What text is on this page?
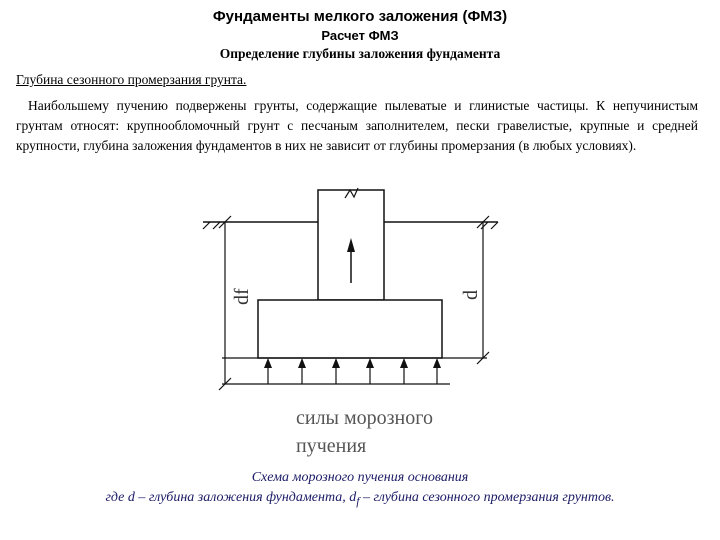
Фундаменты мелкого заложения (ФМЗ)
Расчет ФМЗ
Определение глубины заложения фундамента
Глубина сезонного промерзания грунта.
Наибольшему пучению подвержены грунты, содержащие пылеватые и глинистые частицы. К непучинистым грунтам относят: крупнообломочный грунт с песчаным заполнителем, пески гравелистые, крупные и средней крупности, глубина заложения фундаментов в них не зависит от глубины промерзания (в любых условиях).
df	d
силы морозного
пучения
Схема морозного пучения основания
где d – глубина заложения фундамента, $d_f$ – глубина сезонного промерзания грунтов.
